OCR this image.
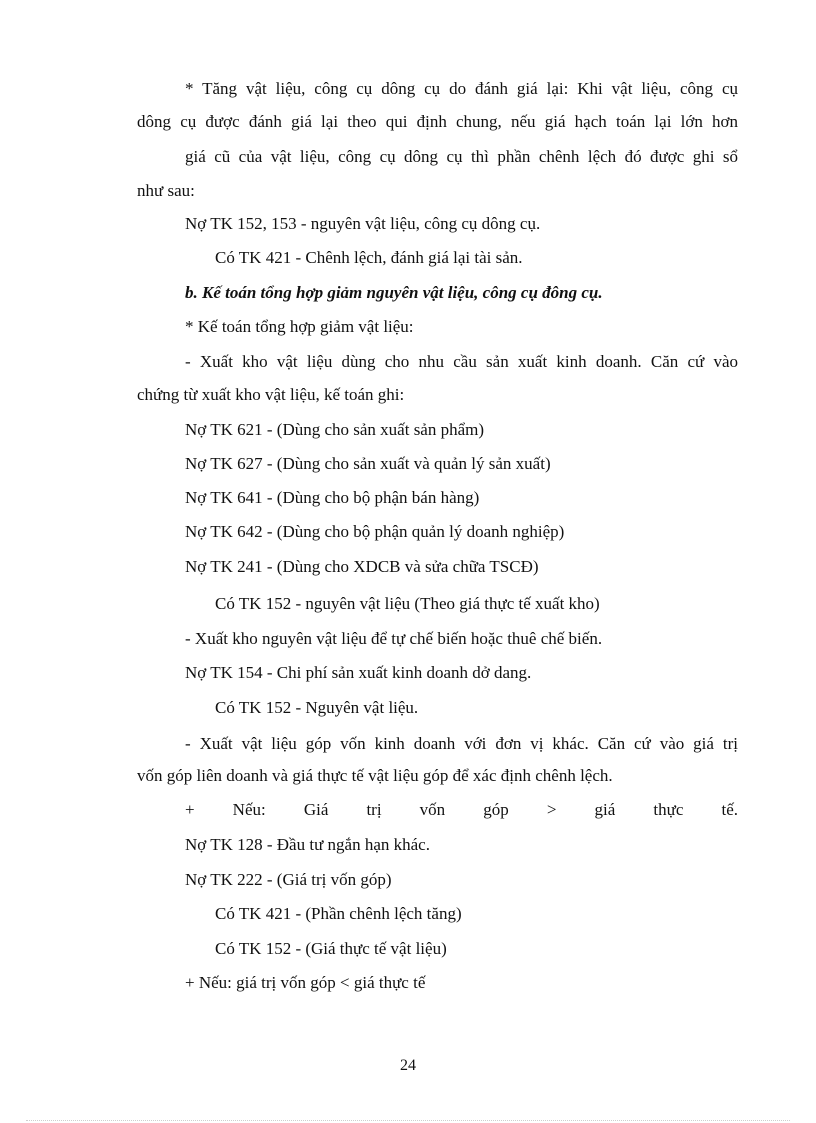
* Tăng vật liệu, công cụ dông cụ do đánh giá lại: Khi vật liệu, công cụ
dông cụ được đánh giá lại theo qui định chung, nếu giá hạch toán lại lớn hơn
giá cũ của vật liệu, công cụ dông cụ thì phần chênh lệch đó được ghi sổ
như sau:
Nợ TK 152, 153 - nguyên vật liệu, công cụ dông cụ.
Có TK 421 - Chênh lệch, đánh giá lại tài sản.
b. Kế toán tổng hợp giảm nguyên vật liệu, công cụ đông cụ.
* Kế toán tổng hợp giảm vật liệu:
- Xuất kho vật liệu dùng cho nhu cầu sản xuất kinh doanh. Căn cứ vào
chứng từ xuất kho vật liệu, kế toán ghi:
Nợ TK 621 - (Dùng cho sản xuất sản phẩm)
Nợ TK 627 - (Dùng cho sản xuất và quản lý sản xuất)
Nợ TK 641 - (Dùng cho bộ phận bán hàng)
Nợ TK 642 - (Dùng cho bộ phận quản lý doanh nghiệp)
Nợ TK 241 - (Dùng cho XDCB và sửa chữa TSCĐ)
Có TK 152 - nguyên vật liệu (Theo giá thực tế xuất kho)
- Xuất kho nguyên vật liệu để tự chế biến hoặc thuê chế biến.
Nợ TK 154 - Chi phí sản xuất kinh doanh dở dang.
Có TK 152 - Nguyên vật liệu.
- Xuất vật liệu góp vốn kinh doanh với đơn vị khác. Căn cứ vào giá trị
vốn góp liên doanh và giá thực tế vật liệu góp để xác định chênh lệch.
+ Nếu: Giá trị vốn góp > giá thực tế.
Nợ TK 128 - Đầu tư ngắn hạn khác.
Nợ TK 222 - (Giá trị vốn góp)
Có TK 421 - (Phần chênh lệch tăng)
Có TK 152 - (Giá thực tế vật liệu)
+ Nếu: giá trị vốn góp < giá thực tế
24
